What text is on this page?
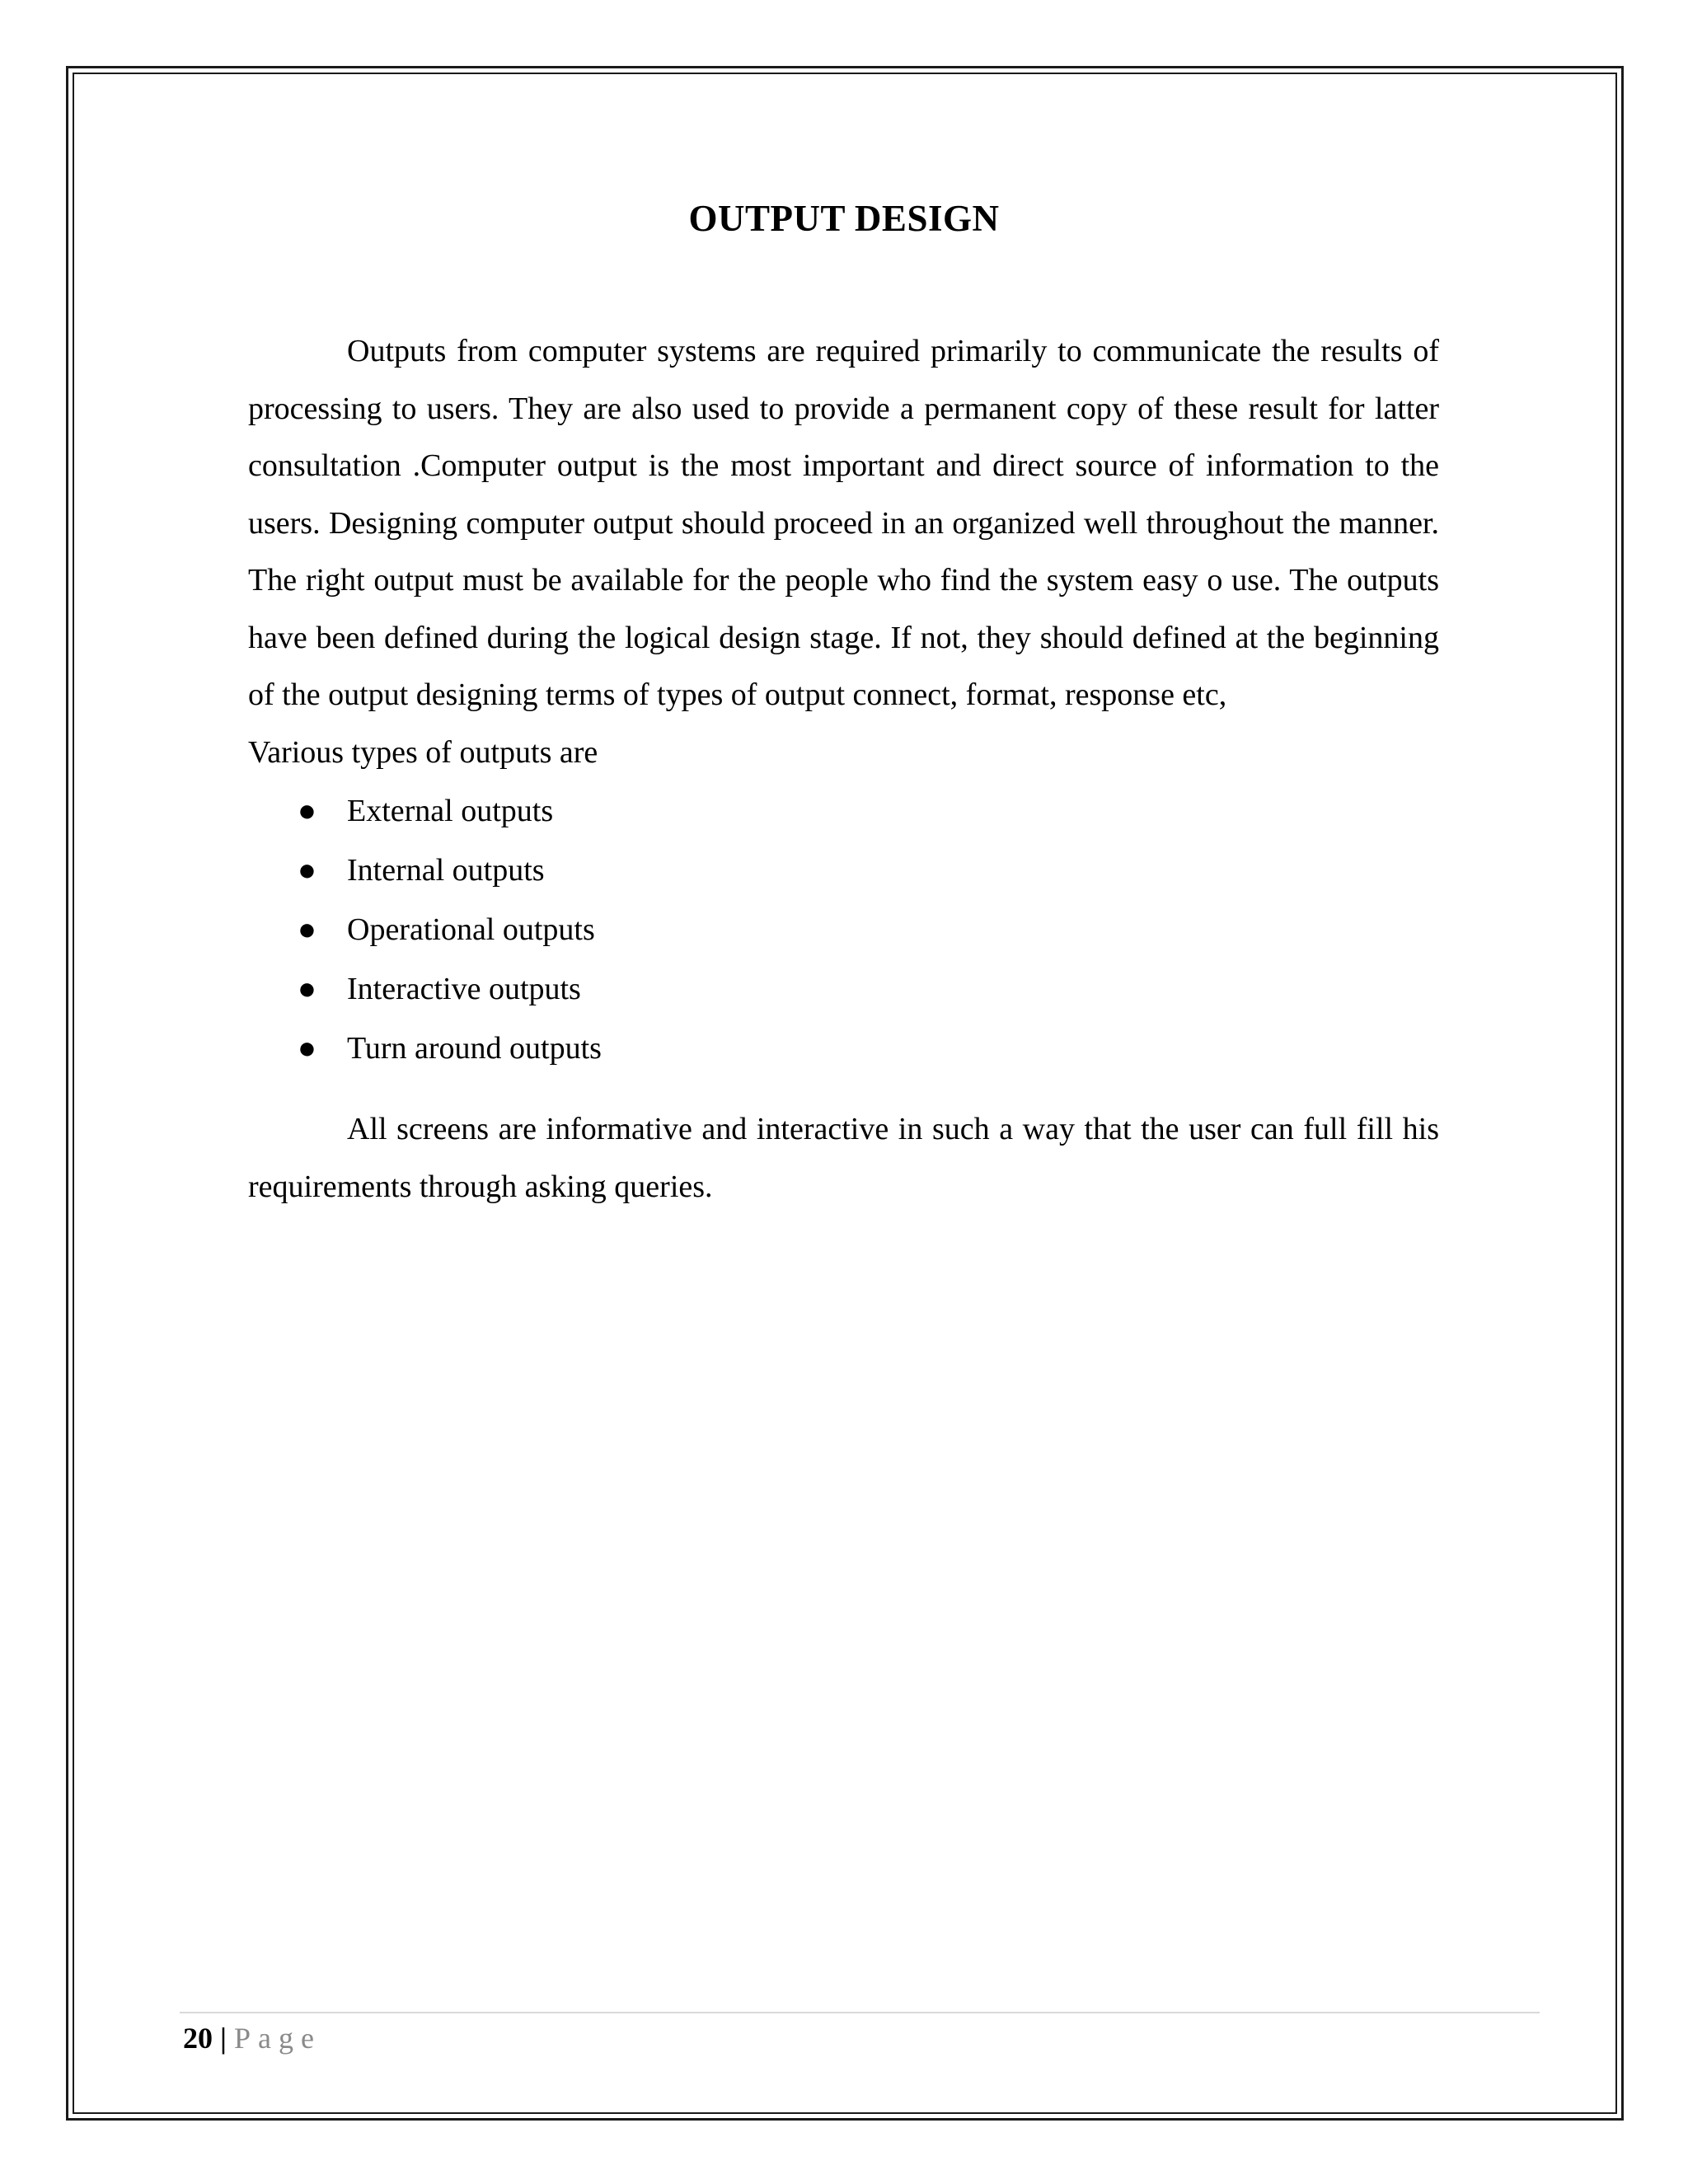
OUTPUT DESIGN

Outputs from computer systems are required primarily to communicate the results of processing to users. They are also used to provide a permanent copy of these result for latter consultation .Computer output is the most important and direct source of information to the users. Designing computer output should proceed in an organized well throughout the manner. The right output must be available for the people who find the system easy o use. The outputs have been defined during the logical design stage. If not, they should defined at the beginning of the output designing terms of types of output connect, format, response etc,

Various types of outputs are

● External outputs
● Internal outputs
● Operational outputs
● Interactive outputs
● Turn around outputs

All screens are informative and interactive in such a way that the user can full fill his requirements through asking queries.

20 | Page
